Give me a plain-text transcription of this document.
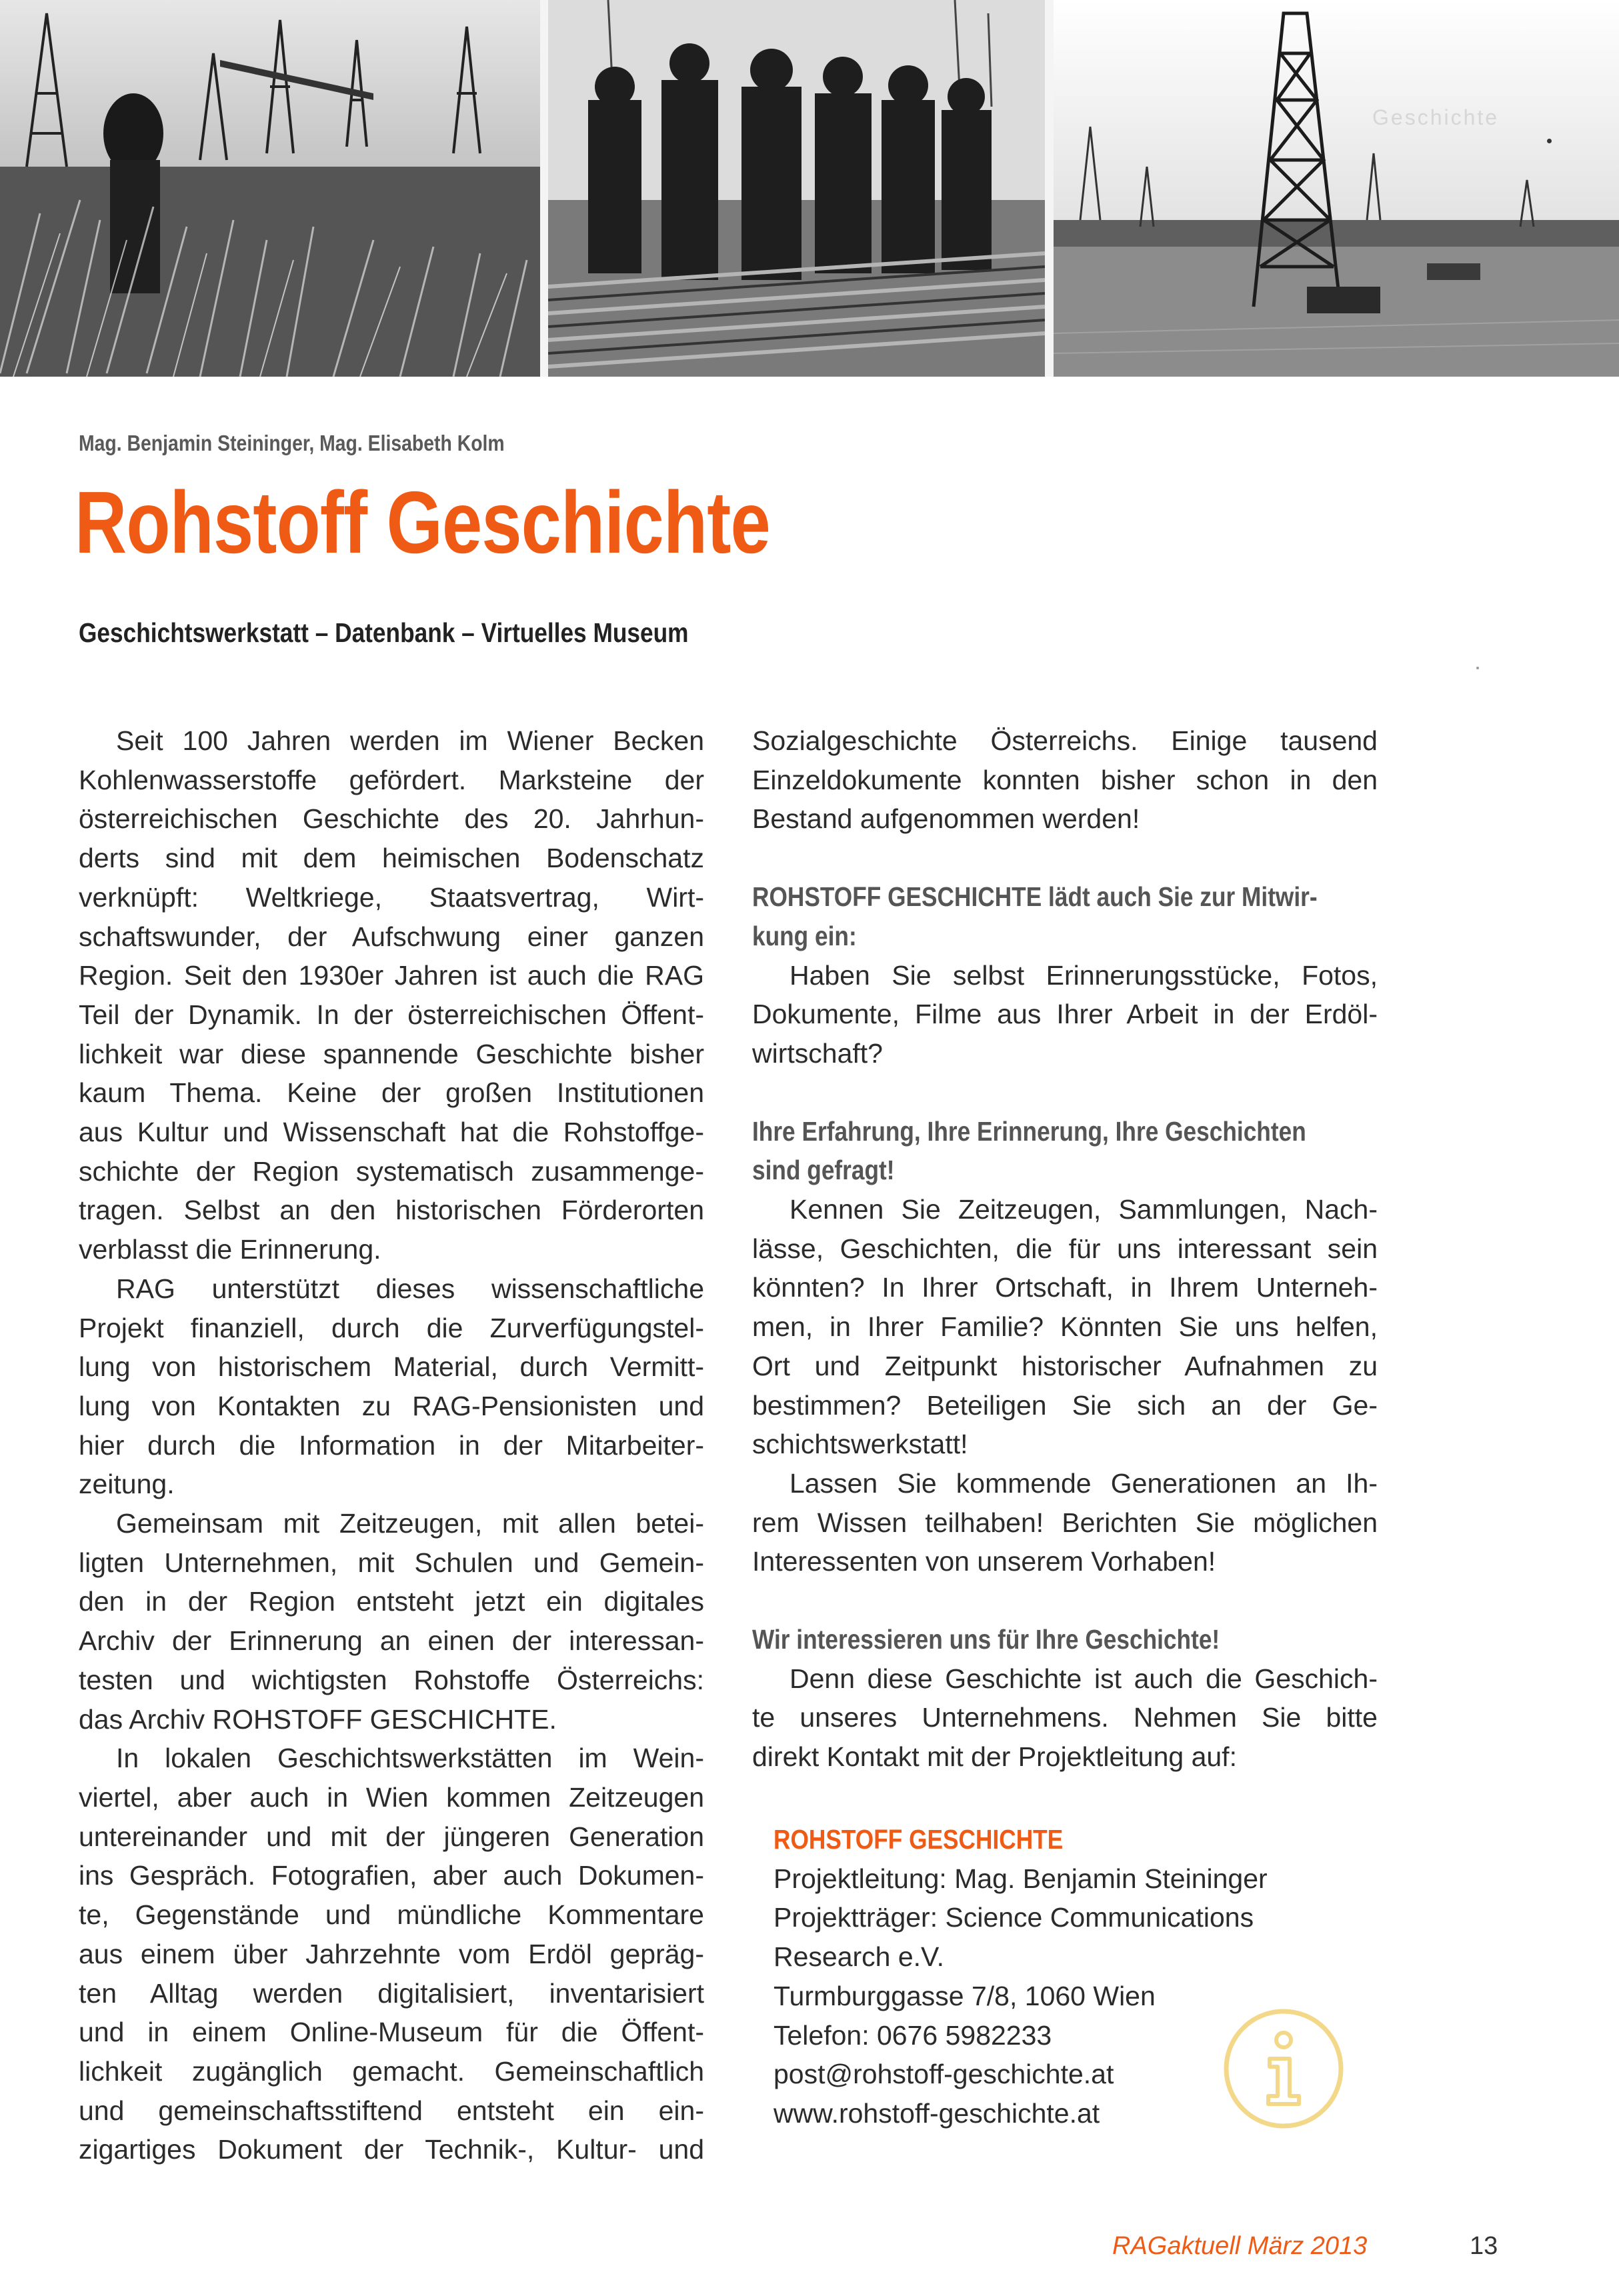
Geschichte
Mag. Benjamin Steininger, Mag. Elisabeth Kolm
Rohstoff Geschichte
Geschichtswerkstatt – Datenbank – Virtuelles Museum
Seit 100 Jahren werden im Wiener Becken
Kohlenwasserstoffe gefördert. Marksteine der
österreichischen Geschichte des 20. Jahrhun-
derts sind mit dem heimischen Bodenschatz
verknüpft: Weltkriege, Staatsvertrag, Wirt-
schaftswunder, der Aufschwung einer ganzen
Region. Seit den 1930er Jahren ist auch die RAG
Teil der Dynamik. In der österreichischen Öffent-
lichkeit war diese spannende Geschichte bisher
kaum Thema. Keine der großen Institutionen
aus Kultur und Wissenschaft hat die Rohstoffge-
schichte der Region systematisch zusammenge-
tragen. Selbst an den historischen Förderorten
verblasst die Erinnerung.
RAG unterstützt dieses wissenschaftliche
Projekt finanziell, durch die Zurverfügungstel-
lung von historischem Material, durch Vermitt-
lung von Kontakten zu RAG-Pensionisten und
hier durch die Information in der Mitarbeiter-
zeitung.
Gemeinsam mit Zeitzeugen, mit allen betei-
ligten Unternehmen, mit Schulen und Gemein-
den in der Region entsteht jetzt ein digitales
Archiv der Erinnerung an einen der interessan-
testen und wichtigsten Rohstoffe Österreichs:
das Archiv ROHSTOFF GESCHICHTE.
In lokalen Geschichtswerkstätten im Wein-
viertel, aber auch in Wien kommen Zeitzeugen
untereinander und mit der jüngeren Generation
ins Gespräch. Fotografien, aber auch Dokumen-
te, Gegenstände und mündliche Kommentare
aus einem über Jahrzehnte vom Erdöl gepräg-
ten Alltag werden digitalisiert, inventarisiert
und in einem Online-Museum für die Öffent-
lichkeit zugänglich gemacht. Gemeinschaftlich
und gemeinschaftsstiftend entsteht ein ein-
zigartiges Dokument der Technik-, Kultur- und
Sozialgeschichte Österreichs. Einige tausend
Einzeldokumente konnten bisher schon in den
Bestand aufgenommen werden!
ROHSTOFF GESCHICHTE lädt auch Sie zur Mitwir-
kung ein:
Haben Sie selbst Erinnerungsstücke, Fotos,
Dokumente, Filme aus Ihrer Arbeit in der Erdöl-
wirtschaft?
Ihre Erfahrung, Ihre Erinnerung, Ihre Geschichten
sind gefragt!
Kennen Sie Zeitzeugen, Sammlungen, Nach-
lässe, Geschichten, die für uns interessant sein
könnten? In Ihrer Ortschaft, in Ihrem Unterneh-
men, in Ihrer Familie? Könnten Sie uns helfen,
Ort und Zeitpunkt historischer Aufnahmen zu
bestimmen? Beteiligen Sie sich an der Ge-
schichtswerkstatt!
Lassen Sie kommende Generationen an Ih-
rem Wissen teilhaben! Berichten Sie möglichen
Interessenten von unserem Vorhaben!
Wir interessieren uns für Ihre Geschichte!
Denn diese Geschichte ist auch die Geschich-
te unseres Unternehmens. Nehmen Sie bitte
direkt Kontakt mit der Projektleitung auf:
ROHSTOFF GESCHICHTE
Projektleitung: Mag. Benjamin Steininger
Projektträger: Science Communications
Research e.V.
Turmburggasse 7/8, 1060 Wien
Telefon: 0676 5982233
post@rohstoff-geschichte.at
www.rohstoff-geschichte.at
RAGaktuell März 2013	13
